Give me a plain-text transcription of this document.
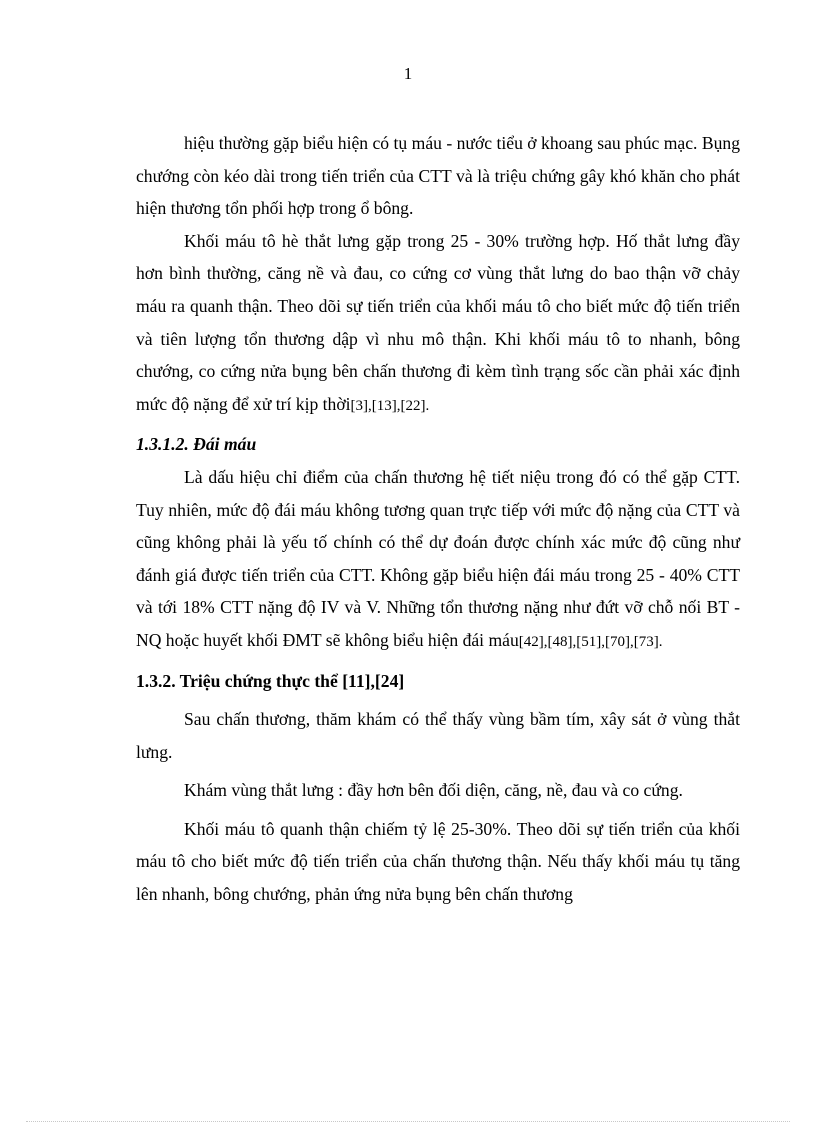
1

hiệu thường gặp biểu hiện có tụ máu - nước tiểu ở khoang sau phúc mạc. Bụng chướng còn kéo dài trong tiến triển của CTT và là triệu chứng gây khó khăn cho phát hiện thương tổn phối hợp trong ổ bông.

Khối máu tô hè thắt lưng gặp trong 25 - 30% trường hợp. Hố thắt lưng đầy hơn bình thường, căng nề và đau, co cứng cơ vùng thắt lưng do bao thận vỡ chảy máu ra quanh thận. Theo dõi sự tiến triển của khối máu tô cho biết mức độ tiến triển và tiên lượng tổn thương dập vì nhu mô thận. Khi khối máu tô to nhanh, bông chướng, co cứng nửa bụng bên chấn thương đi kèm tình trạng sốc cần phải xác định mức độ nặng để xử trí kịp thời[3],[13],[22].

1.3.1.2. Đái máu

Là dấu hiệu chỉ điểm của chấn thương hệ tiết niệu trong đó có thể gặp CTT. Tuy nhiên, mức độ đái máu không tương quan trực tiếp với mức độ nặng của CTT và cũng không phải là yếu tố chính có thể dự đoán được chính xác mức độ cũng như đánh giá được tiến triển của CTT. Không gặp biểu hiện đái máu trong 25 - 40% CTT và tới 18% CTT nặng độ IV và V. Những tổn thương nặng như đứt vỡ chỗ nối BT - NQ hoặc huyết khối ĐMT sẽ không biểu hiện đái máu[42],[48],[51],[70],[73].

1.3.2. Triệu chứng thực thể [11],[24]

Sau chấn thương, thăm khám có thể thấy vùng bầm tím, xây sát ở vùng thắt lưng.

Khám vùng thắt lưng : đầy hơn bên đối diện, căng, nề, đau và co cứng.

Khối máu tô quanh thận chiếm tỷ lệ 25-30%. Theo dõi sự tiến triển của khối máu tô cho biết mức độ tiến triển của chấn thương thận. Nếu thấy khối máu tụ tăng lên nhanh, bông chướng, phản ứng nửa bụng bên chấn thương
